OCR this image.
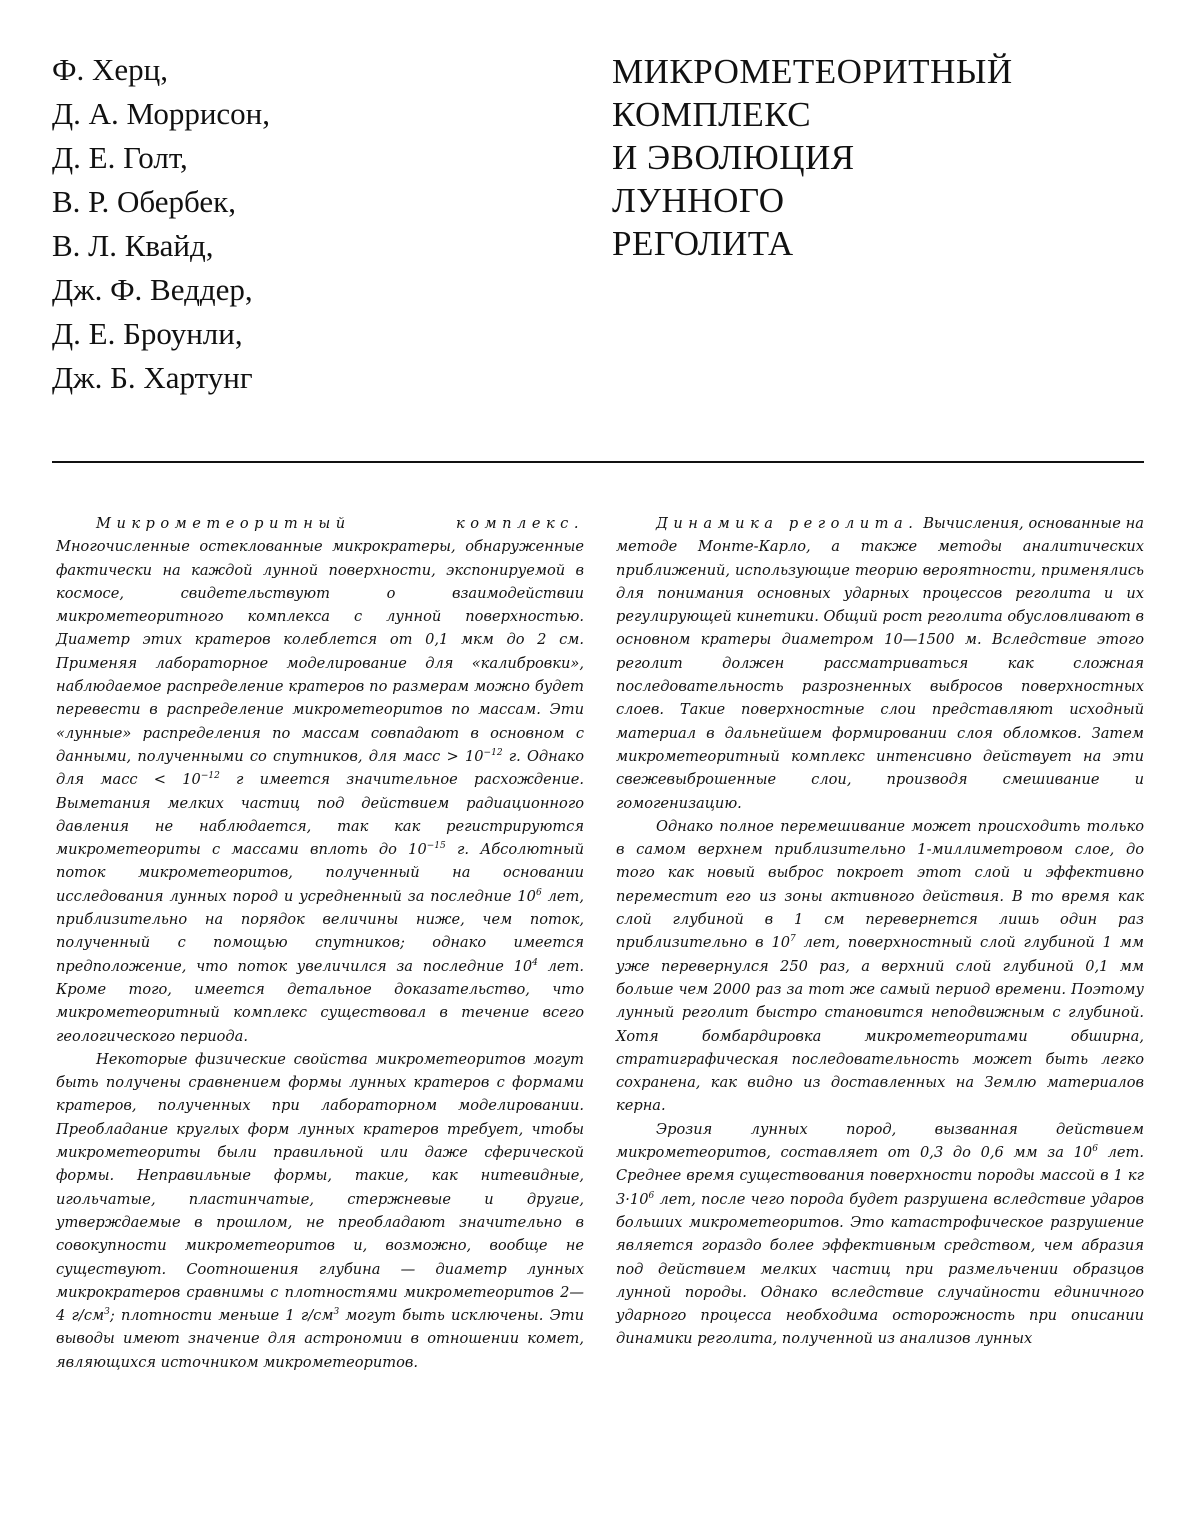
Ф. Херц,
Д. А. Моррисон,
Д. Е. Голт,
В. Р. Обербек,
В. Л. Квайд,
Дж. Ф. Веддер,
Д. Е. Броунли,
Дж. Б. Хартунг
МИКРОМЕТЕОРИТНЫЙ
КОМПЛЕКС
И ЭВОЛЮЦИЯ
ЛУННОГО
РЕГОЛИТА

Микрометеоритный комплекс. Многочисленные остеклованные микрократеры, обнаруженные фактически на каждой лунной поверхности, экспонируемой в космосе, свидетельствуют о взаимодействии микрометеоритного комплекса с лунной поверхностью. Диаметр этих кратеров колеблется от 0,1 мкм до 2 см. Применяя лабораторное моделирование для «калибровки», наблюдаемое распределение кратеров по размерам можно будет перевести в распределение микрометеоритов по массам. Эти «лунные» распределения по массам совпадают в основном с данными, полученными со спутников, для масс > $10^{-12}$ г. Однако для масс < $10^{-12}$ г имеется значительное расхождение. Выметания мелких частиц под действием радиационного давления не наблюдается, так как регистрируются микрометеориты с массами вплоть до $10^{-15}$ г. Абсолютный поток микрометеоритов, полученный на основании исследования лунных пород и усредненный за последние $10^6$ лет, приблизительно на порядок величины ниже, чем поток, полученный с помощью спутников; однако имеется предположение, что поток увеличился за последние $10^4$ лет. Кроме того, имеется детальное доказательство, что микрометеоритный комплекс существовал в течение всего геологического периода.

Некоторые физические свойства микрометеоритов могут быть получены сравнением формы лунных кратеров с формами кратеров, полученных при лабораторном моделировании. Преобладание круглых форм лунных кратеров требует, чтобы микрометеориты были правильной или даже сферической формы. Неправильные формы, такие, как нитевидные, игольчатые, пластинчатые, стержневые и другие, утверждаемые в прошлом, не преобладают значительно в совокупности микрометеоритов и, возможно, вообще не существуют. Соотношения глубина — диаметр лунных микрократеров сравнимы с плотностями микрометеоритов 2—4 $г/см^3$; плотности меньше 1 $г/см^3$ могут быть исключены. Эти выводы имеют значение для астрономии в отношении комет, являющихся источником микрометеоритов.

Динамика реголита. Вычисления, основанные на методе Монте-Карло, а также методы аналитических приближений, использующие теорию вероятности, применялись для понимания основных ударных процессов реголита и их регулирующей кинетики. Общий рост реголита обусловливают в основном кратеры диаметром 10—1500 м. Вследствие этого реголит должен рассматриваться как сложная последовательность разрозненных выбросов поверхностных слоев. Такие поверхностные слои представляют исходный материал в дальнейшем формировании слоя обломков. Затем микрометеоритный комплекс интенсивно действует на эти свежевыброшенные слои, производя смешивание и гомогенизацию.

Однако полное перемешивание может происходить только в самом верхнем приблизительно 1-миллиметровом слое, до того как новый выброс покроет этот слой и эффективно переместит его из зоны активного действия. В то время как слой глубиной в 1 см перевернется лишь один раз приблизительно в $10^7$ лет, поверхностный слой глубиной 1 мм уже перевернулся 250 раз, а верхний слой глубиной 0,1 мм больше чем 2000 раз за тот же самый период времени. Поэтому лунный реголит быстро становится неподвижным с глубиной. Хотя бомбардировка микрометеоритами обширна, стратиграфическая последовательность может быть легко сохранена, как видно из доставленных на Землю материалов керна.

Эрозия лунных пород, вызванная действием микрометеоритов, составляет от 0,3 до 0,6 мм за $10^6$ лет. Среднее время существования поверхности породы массой в 1 кг $3\cdot 10^6$ лет, после чего порода будет разрушена вследствие ударов больших микрометеоритов. Это катастрофическое разрушение является гораздо более эффективным средством, чем абразия под действием мелких частиц при размельчении образцов лунной породы. Однако вследствие случайности единичного ударного процесса необходима осторожность при описании динамики реголита, полученной из анализов лунных
